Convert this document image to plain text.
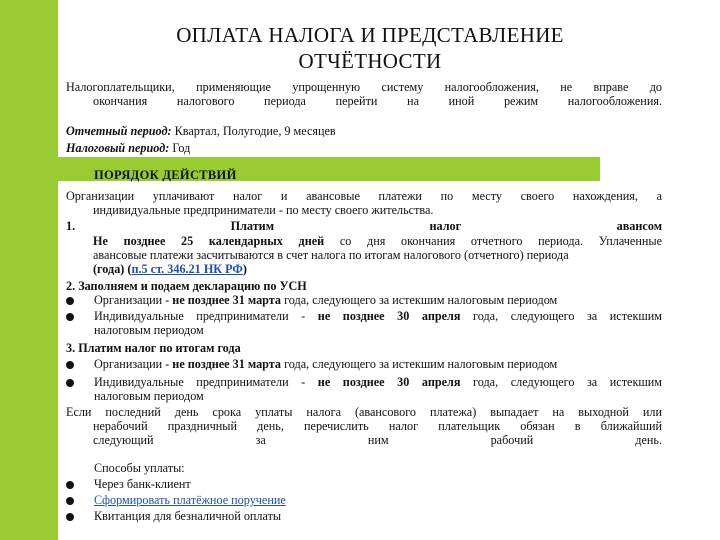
ОПЛАТА НАЛОГА И ПРЕДСТАВЛЕНИЕ
ОТЧЁТНОСТИ
Налогоплательщики, применяющие упрощенную систему налогообложения, не вправе до
окончания налогового периода перейти на иной режим налогообложения.
Отчетный период: Квартал, Полугодие, 9 месяцев
Налоговый период: Год
ПОРЯДОК ДЕЙСТВИЙ
Организации уплачивают налог и авансовые платежи по месту своего нахождения, а
индивидуальные предприниматели - по месту своего жительства.
1. Платим налог авансом
Не позднее 25 календарных дней со дня окончания отчетного периода. Уплаченные
авансовые платежи засчитываются в счет налога по итогам налогового (отчетного) периода
(года) (п.5 ст. 346.21 НК РФ)
2. Заполняем и подаем декларацию по УСН
Организации - не позднее 31 марта года, следующего за истекшим налоговым периодом
Индивидуальные предприниматели - не позднее 30 апреля года, следующего за истекшим
налоговым периодом
3. Платим налог по итогам года
Организации - не позднее 31 марта года, следующего за истекшим налоговым периодом
Индивидуальные предприниматели - не позднее 30 апреля года, следующего за истекшим
налоговым периодом
Если последний день срока уплаты налога (авансового платежа) выпадает на выходной или
нерабочий праздничный день, перечислить налог плательщик обязан в ближайший
следующий за ним рабочий день.
Способы уплаты:
Через банк-клиент
Сформировать платёжное поручение
Квитанция для безналичной оплаты
